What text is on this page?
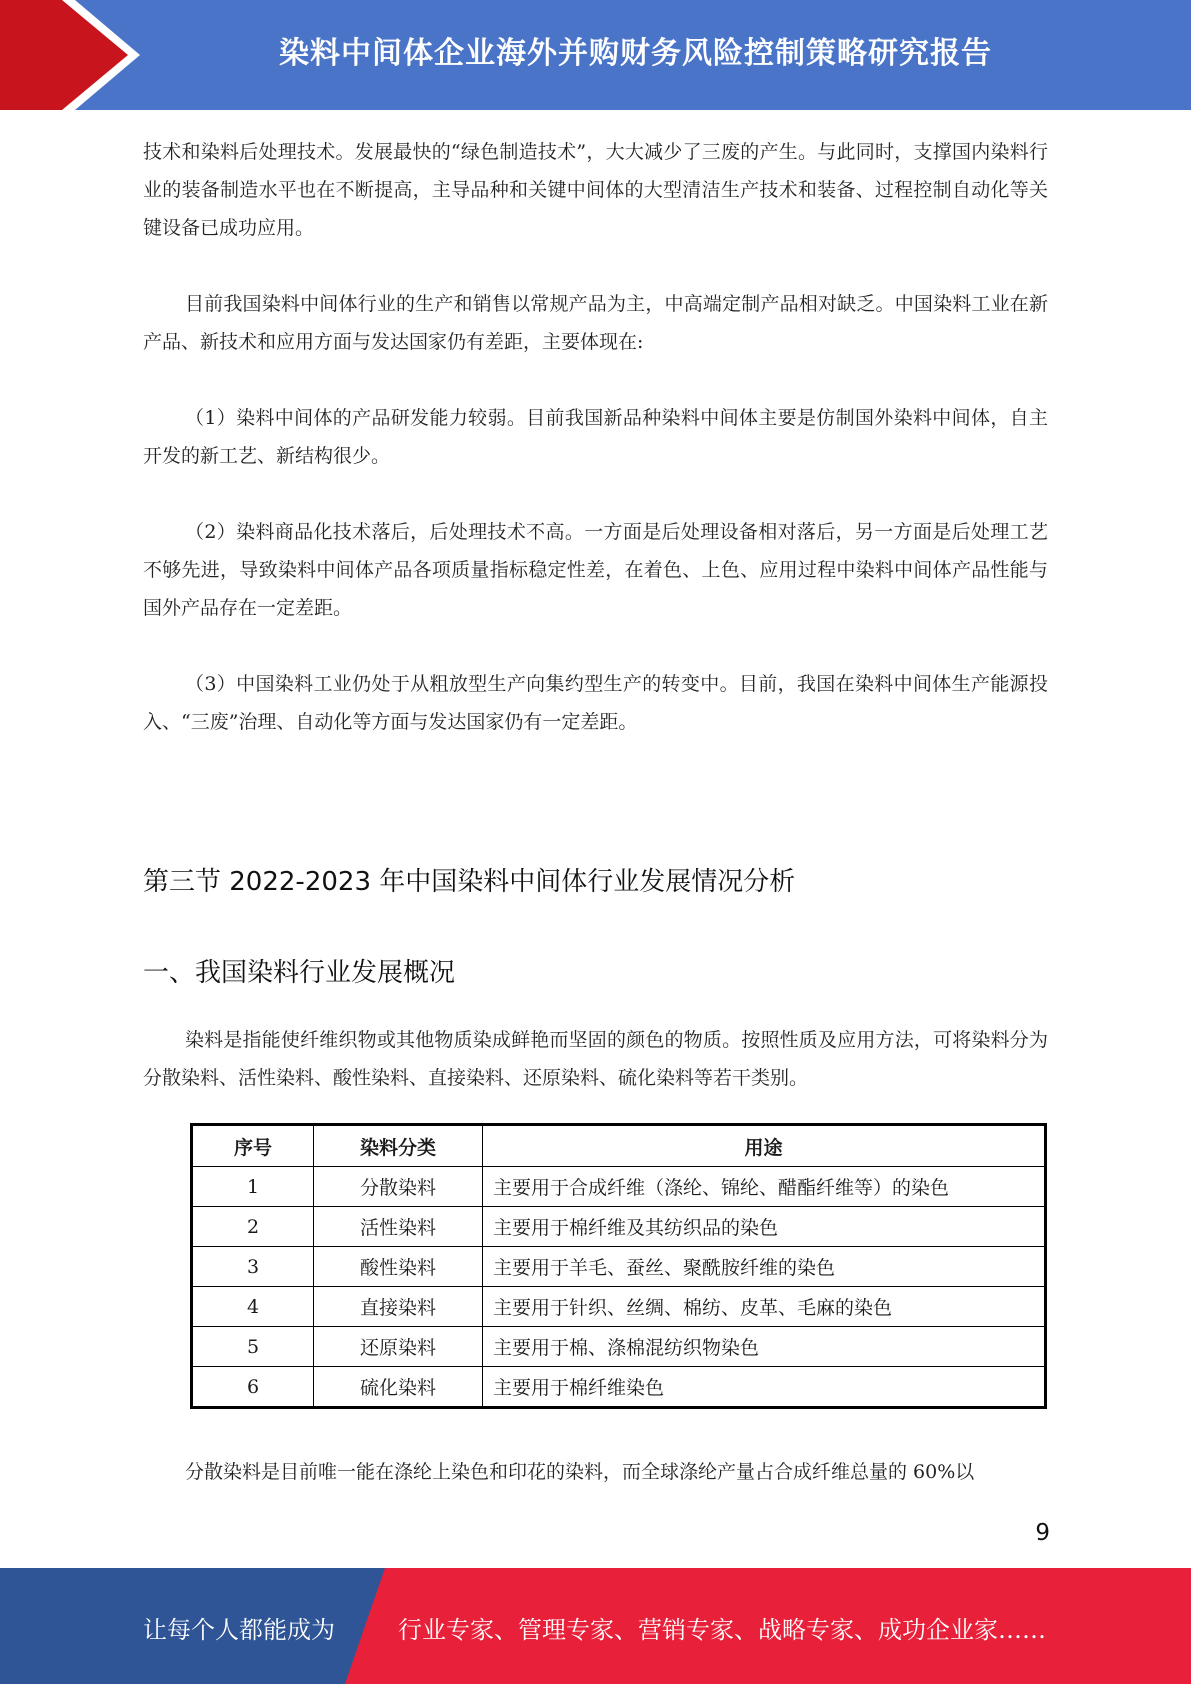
染料中间体企业海外并购财务风险控制策略研究报告

技术和染料后处理技术。发展最快的“绿色制造技术”，大大减少了三废的产生。与此同时，支撑国内染料行业的装备制造水平也在不断提高，主导品种和关键中间体的大型清洁生产技术和装备、过程控制自动化等关键设备已成功应用。

目前我国染料中间体行业的生产和销售以常规产品为主，中高端定制产品相对缺乏。中国染料工业在新产品、新技术和应用方面与发达国家仍有差距，主要体现在:

（1）染料中间体的产品研发能力较弱。目前我国新品种染料中间体主要是仿制国外染料中间体，自主开发的新工艺、新结构很少。

（2）染料商品化技术落后，后处理技术不高。一方面是后处理设备相对落后，另一方面是后处理工艺不够先进，导致染料中间体产品各项质量指标稳定性差，在着色、上色、应用过程中染料中间体产品性能与国外产品存在一定差距。

（3）中国染料工业仍处于从粗放型生产向集约型生产的转变中。目前，我国在染料中间体生产能源投入、“三废”治理、自动化等方面与发达国家仍有一定差距。

第三节 2022-2023 年中国染料中间体行业发展情况分析
一、我国染料行业发展概况

染料是指能使纤维织物或其他物质染成鲜艳而坚固的颜色的物质。按照性质及应用方法，可将染料分为分散染料、活性染料、酸性染料、直接染料、还原染料、硫化染料等若干类别。

序号	染料分类	用途
1	分散染料	主要用于合成纤维（涤纶、锦纶、醋酯纤维等）的染色
2	活性染料	主要用于棉纤维及其纺织品的染色
3	酸性染料	主要用于羊毛、蚕丝、聚酰胺纤维的染色
4	直接染料	主要用于针织、丝绸、棉纺、皮革、毛麻的染色
5	还原染料	主要用于棉、涤棉混纺织物染色
6	硫化染料	主要用于棉纤维染色

分散染料是目前唯一能在涤纶上染色和印花的染料，而全球涤纶产量占合成纤维总量的 60%以

9
让每个人都能成为	行业专家、管理专家、营销专家、战略专家、成功企业家……
